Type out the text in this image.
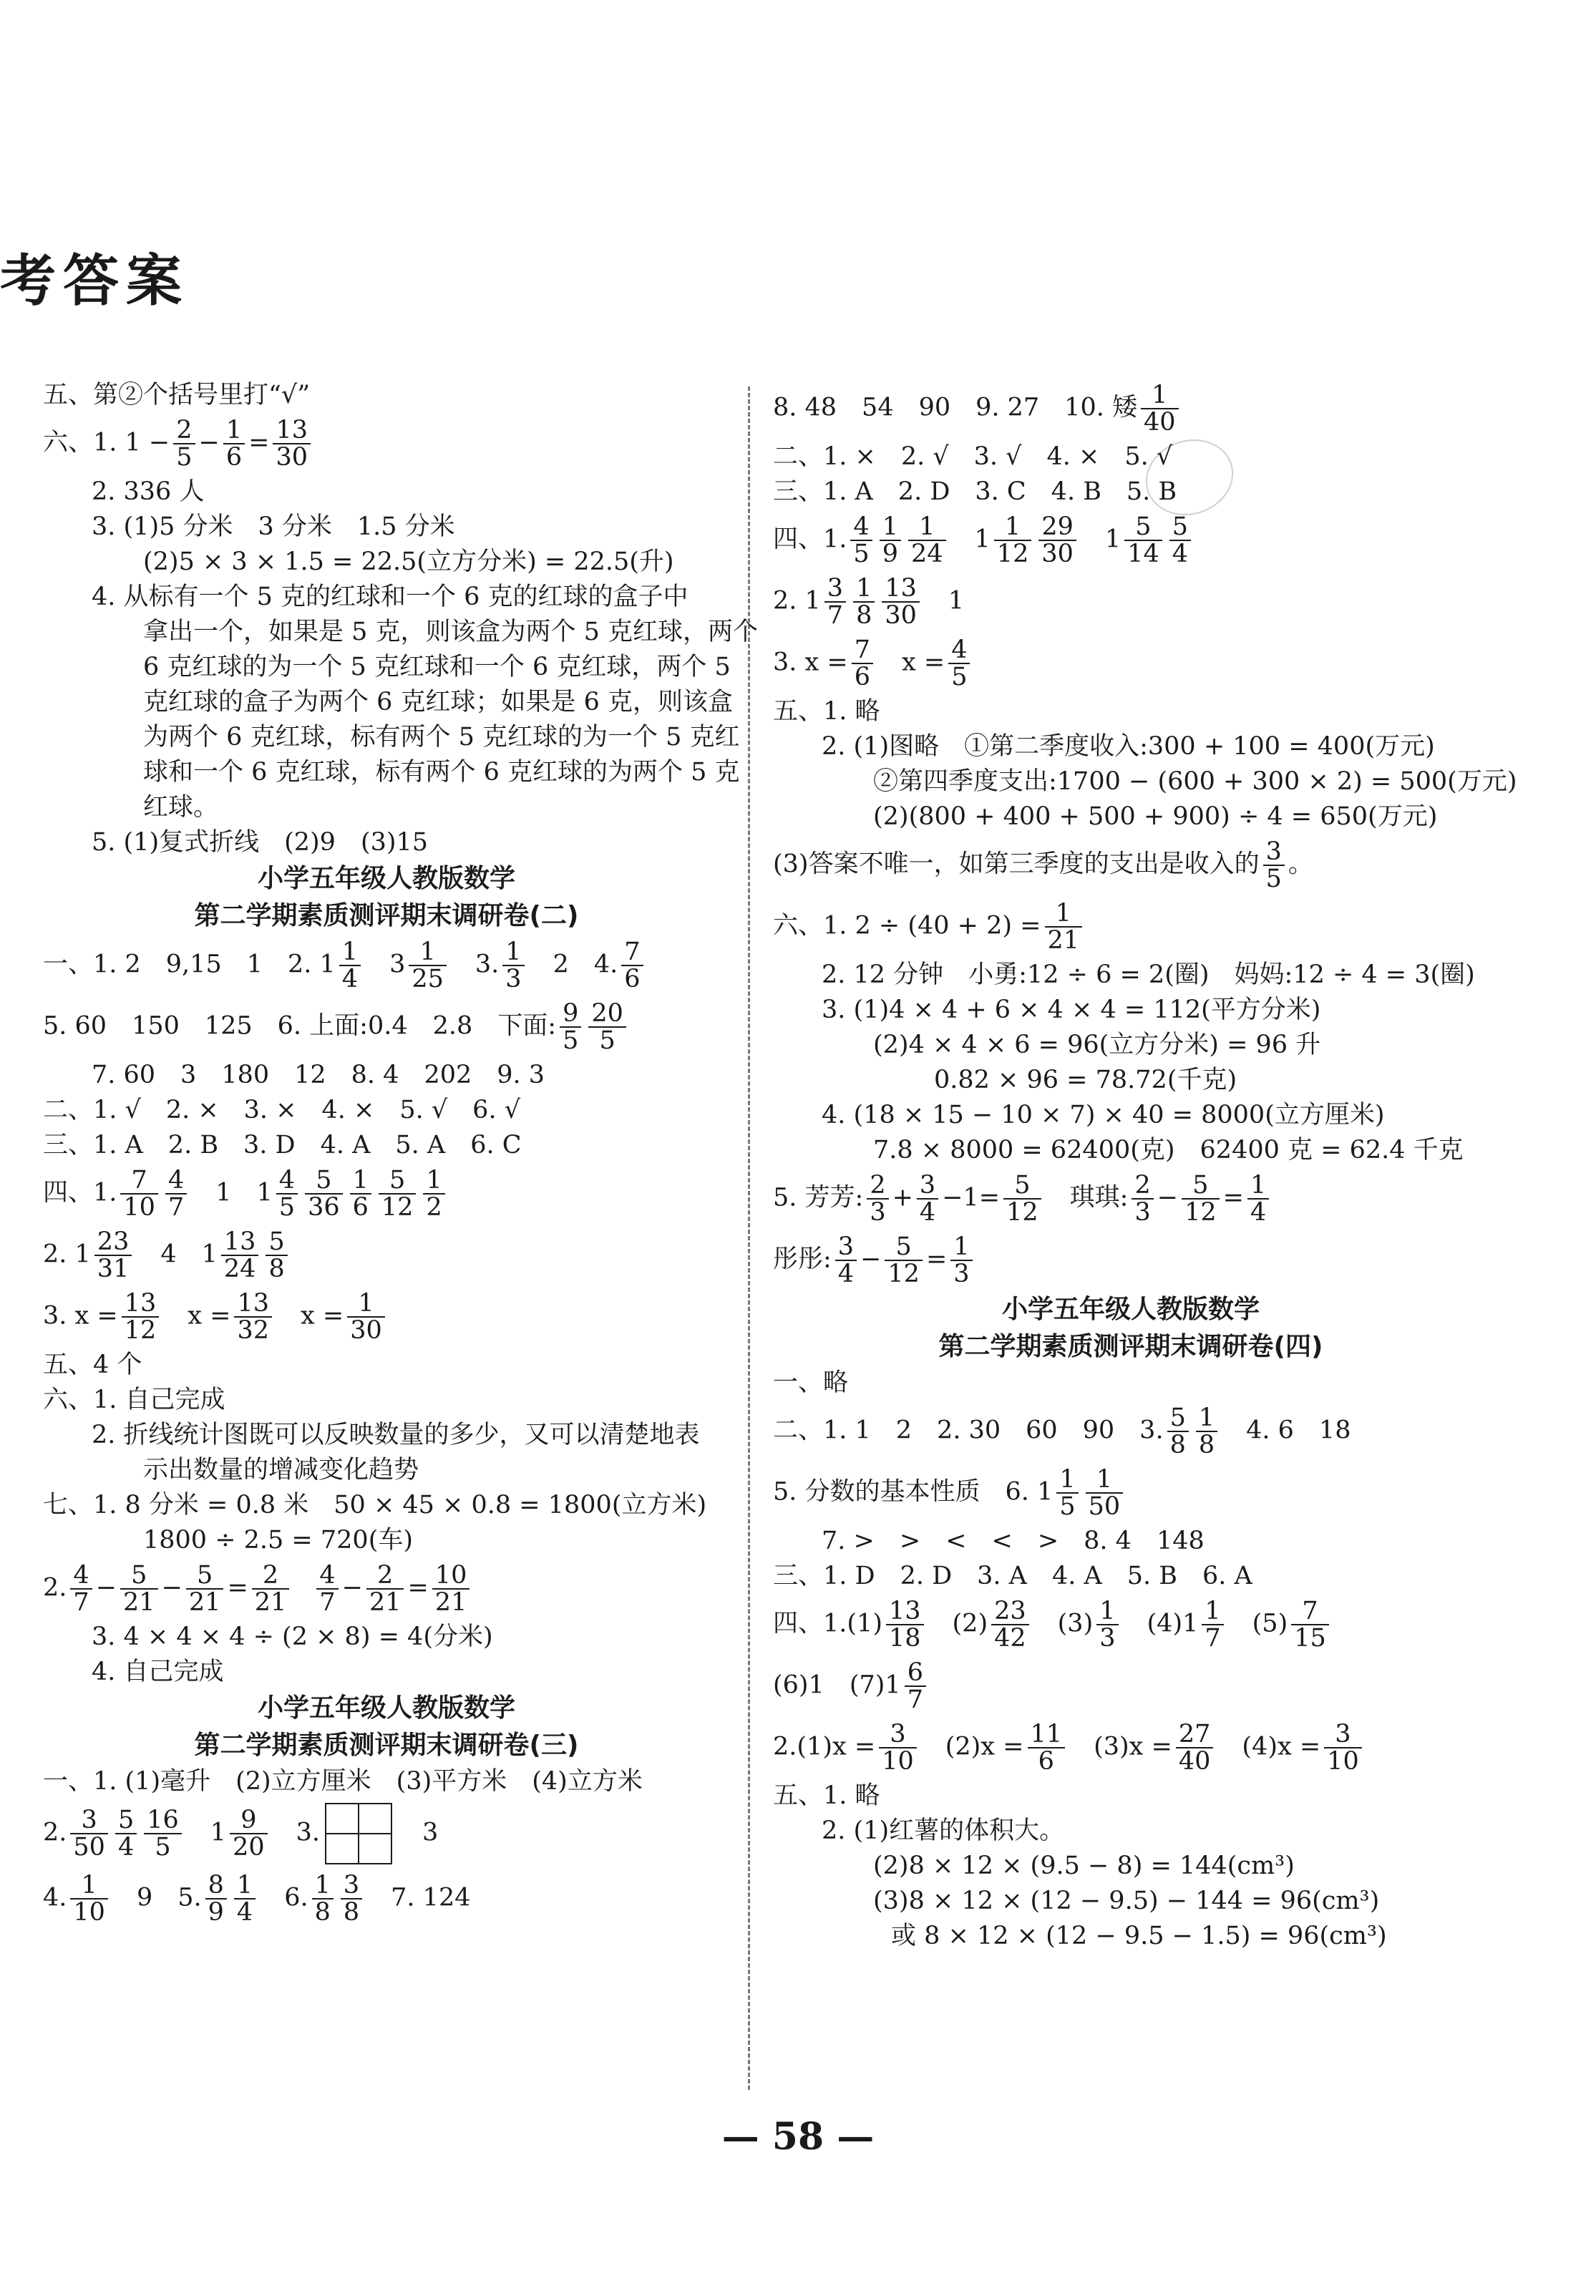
考答案
五、第②个括号里打“√”
六、1. $1 - \frac{2}{5} - \frac{1}{6} = \frac{13}{30}$
2. 336 人
3. (1)5 分米　3 分米　1.5 分米
(2)5 × 3 × 1.5 = 22.5(立方分米) = 22.5(升)
4. 从标有一个 5 克的红球和一个 6 克的红球的盒子中
拿出一个，如果是 5 克，则该盒为两个 5 克红球，两个
6 克红球的为一个 5 克红球和一个 6 克红球，两个 5
克红球的盒子为两个 6 克红球；如果是 6 克，则该盒
为两个 6 克红球，标有两个 5 克红球的为一个 5 克红
球和一个 6 克红球，标有两个 6 克红球的为两个 5 克
红球。
5. (1)复式折线　(2)9　(3)15
小学五年级人教版数学
第二学期素质测评期末调研卷(二)
一、1. 2　9,15　1　2. $1 \frac{1}{4}$ 　$3 \frac{1}{25}$ 　3. $\frac{1}{3}$ 　2　4. $\frac{7}{6}$
5. 60　150　125　6. 上面:0.4　2.8　下面: $\frac{9}{5} \frac{20}{5}$
7. 60　3　180　12　8. 4　202　9. 3
二、1. √　2. ×　3. ×　4. ×　5. √　6. √
三、1. A　2. B　3. D　4. A　5. A　6. C
四、1. $\frac{7}{10} \frac{4}{7}$ 　1　$1 \frac{4}{5} \frac{5}{36} \frac{1}{6} \frac{5}{12} \frac{1}{2}$
2. $1 \frac{23}{31}$ 　4　$1 \frac{13}{24} \frac{5}{8}$
3. $x = \frac{13}{12}$ 　$x = \frac{13}{32}$ 　$x = \frac{1}{30}$
五、4 个
六、1. 自己完成
2. 折线统计图既可以反映数量的多少，又可以清楚地表
示出数量的增减变化趋势
七、1. 8 分米 = 0.8 米　50 × 45 × 0.8 = 1800(立方米)
1800 ÷ 2.5 = 720(车)
2. $\frac{4}{7} - \frac{5}{21} - \frac{5}{21} = \frac{2}{21} \frac{4}{7} - \frac{2}{21} = \frac{10}{21}$
3. 4 × 4 × 4 ÷ (2 × 8) = 4(分米)
4. 自己完成
小学五年级人教版数学
第二学期素质测评期末调研卷(三)
一、1. (1)毫升　(2)立方厘米　(3)平方米　(4)立方米
2. $\frac{3}{50} \frac{5}{4} \frac{16}{5}$ 　$1 \frac{9}{20}$ 　3.	　3
4. $\frac{1}{10}$ 　9　5. $\frac{8}{9} \frac{1}{4}$ 　6. $\frac{1}{8} \frac{3}{8}$ 　7. 124
8. 48　54　90　9. 27　10. 矮 $\frac{1}{40}$
二、1. ×　2. √　3. √　4. ×　5. √
三、1. A　2. D　3. C　4. B　5. B
四、1. $\frac{4}{5} \frac{1}{9} \frac{1}{24}$ 　$1 \frac{1}{12} \frac{29}{30}$ 　$1 \frac{5}{14} \frac{5}{4}$
2. $1 \frac{3}{7} \frac{1}{8} \frac{13}{30}$ 　1
3. $x = \frac{7}{6}$ 　$x = \frac{4}{5}$
五、1. 略
2. (1)图略　①第二季度收入:300 + 100 = 400(万元)
②第四季度支出:1700 − (600 + 300 × 2) = 500(万元)
(2)(800 + 400 + 500 + 900) ÷ 4 = 650(万元)
(3)答案不唯一，如第三季度的支出是收入的 $\frac{3}{5}$ 。
六、1. $2 \div (40 + 2) = \frac{1}{21}$
2. 12 分钟　小勇:12 ÷ 6 = 2(圈)　妈妈:12 ÷ 4 = 3(圈)
3. (1)4 × 4 + 6 × 4 × 4 = 112(平方分米)
(2)4 × 4 × 6 = 96(立方分米) = 96 升
0.82 × 96 = 78.72(千克)
4. (18 × 15 − 10 × 7) × 40 = 8000(立方厘米)
7.8 × 8000 = 62400(克)　62400 克 = 62.4 千克
5. 芳芳: $\frac{2}{3} + \frac{3}{4} -1= \frac{5}{12}$ 　琪琪: $\frac{2}{3} - \frac{5}{12} = \frac{1}{4}$
彤彤: $\frac{3}{4} - \frac{5}{12} = \frac{1}{3}$
小学五年级人教版数学
第二学期素质测评期末调研卷(四)
一、略
二、1. 1　2　2. 30　60　90　3. $\frac{5}{8} \frac{1}{8}$ 　4. 6　18
5. 分数的基本性质　6. $1 \frac{1}{5} \frac{1}{50}$
7. >　>　<　<　>　8. 4　148
三、1. D　2. D　3. A　4. A　5. B　6. A
四、$1.(1) \frac{13}{18}$ 　$(2) \frac{23}{42}$ 　$(3) \frac{1}{3}$ 　$(4)1 \frac{1}{7}$ 　$(5) \frac{7}{15}$
(6)1　$(7)1 \frac{6}{7}$
$2.(1)x = \frac{3}{10}$ 　$(2)x = \frac{11}{6}$ 　$(3)x = \frac{27}{40}$ 　$(4)x = \frac{3}{10}$
五、1. 略
2. (1)红薯的体积大。
(2)8 × 12 × (9.5 − 8) = 144(cm³)
(3)8 × 12 × (12 − 9.5) − 144 = 96(cm³)
或 8 × 12 × (12 − 9.5 − 1.5) = 96(cm³)
— 58 —
